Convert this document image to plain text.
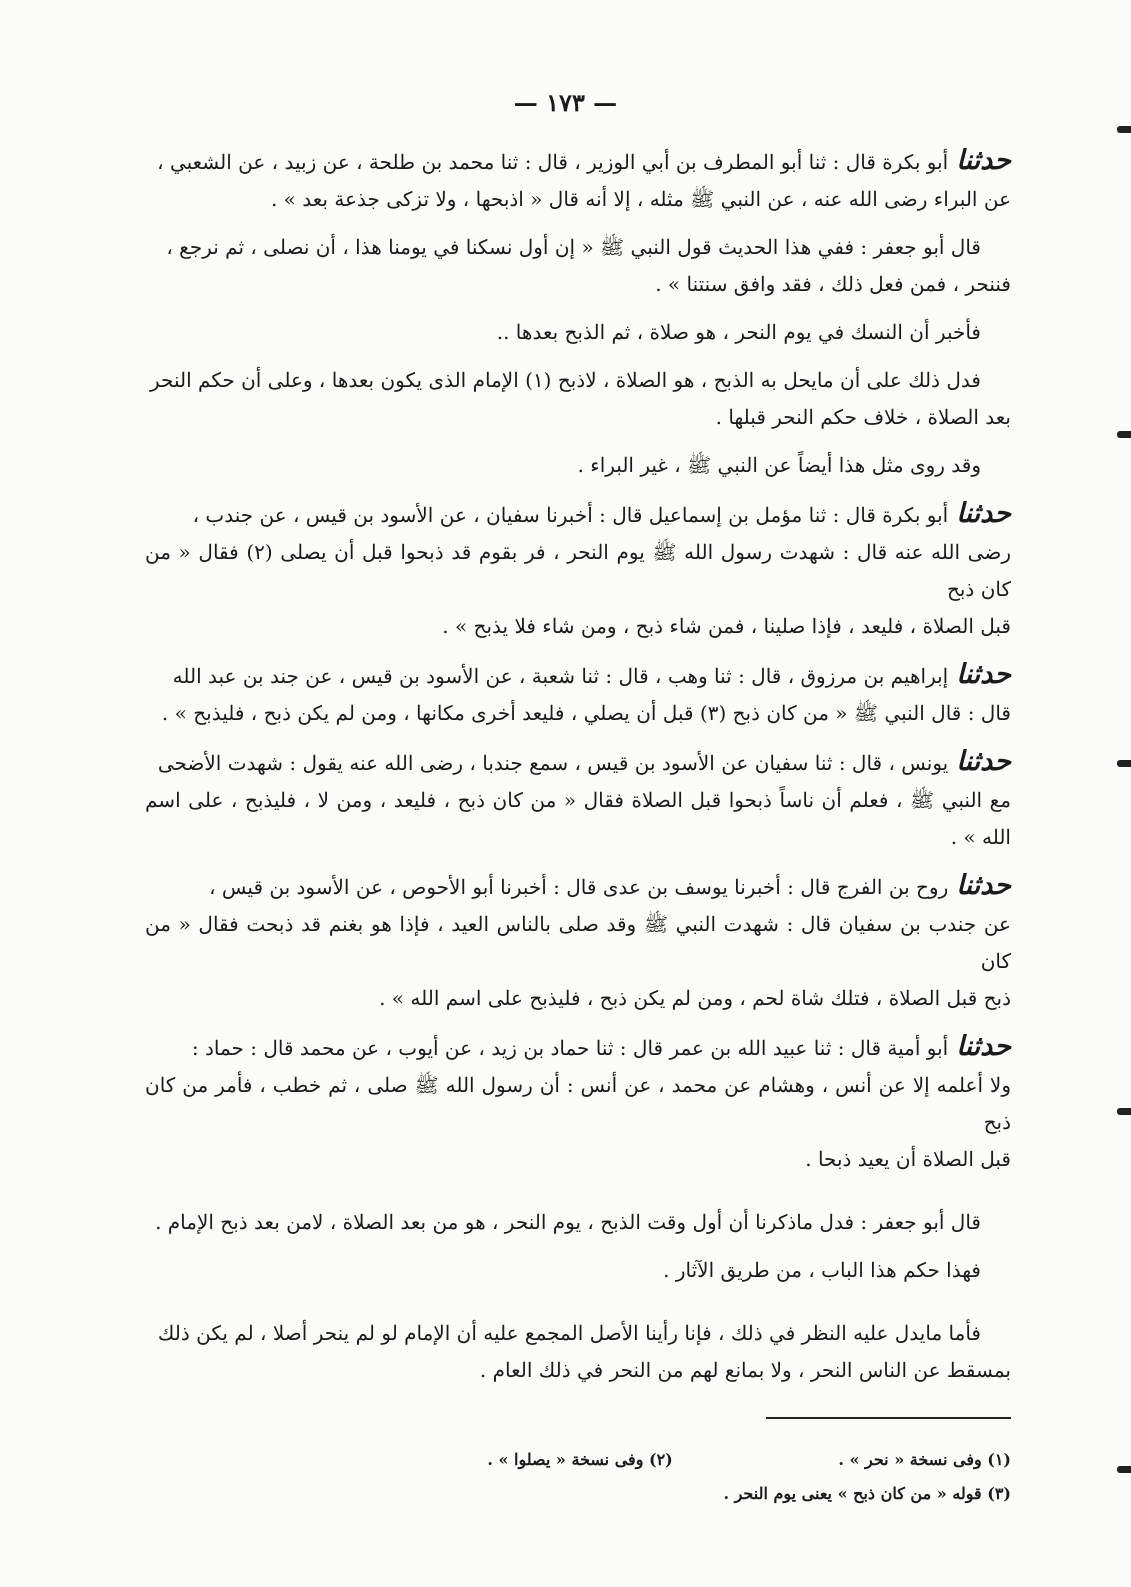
— ١٧٣ —
حدثناأبو بكرة قال : ثنا أبو المطرف بن أبي الوزير ، قال : ثنا محمد بن طلحة ، عن زبيد ، عن الشعبي ،
عن البراء رضى الله عنه ، عن النبي ﷺ مثله ، إلا أنه قال « اذبحها ، ولا تزكى جذعة بعد » .
قال أبو جعفر : ففي هذا الحديث قول النبي ﷺ « إن أول نسكنا في يومنا هذا ، أن نصلى ، ثم نرجع ،
فننحر ، فمن فعل ذلك ، فقد وافق سنتنا » .
فأخبر أن النسك في يوم النحر ، هو صلاة ، ثم الذبح بعدها ..
فدل ذلك على أن مايحل به الذبح ، هو الصلاة ، لاذبح (١) الإمام الذى يكون بعدها ، وعلى أن حكم النحر
بعد الصلاة ، خلاف حكم النحر قبلها .
وقد روى مثل هذا أيضاً عن النبي ﷺ ، غير البراء .
حدثناأبو بكرة قال : ثنا مؤمل بن إسماعيل قال : أخبرنا سفيان ، عن الأسود بن قيس ، عن جندب ،
رضى الله عنه قال : شهدت رسول الله ﷺ يوم النحر ، فر بقوم قد ذبحوا قبل أن يصلى (٢) فقال « من كان ذبح
قبل الصلاة ، فليعد ، فإذا صلينا ، فمن شاء ذبح ، ومن شاء فلا يذبح » .
حدثناإبراهيم بن مرزوق ، قال : ثنا وهب ، قال : ثنا شعبة ، عن الأسود بن قيس ، عن جند بن عبد الله
قال : قال النبي ﷺ « من كان ذبح (٣) قبل أن يصلي ، فليعد أخرى مكانها ، ومن لم يكن ذبح ، فليذبح » .
حدثنايونس ، قال : ثنا سفيان عن الأسود بن قيس ، سمع جندبا ، رضى الله عنه يقول : شهدت الأضحى
مع النبي ﷺ ، فعلم أن ناساً ذبحوا قبل الصلاة فقال « من كان ذبح ، فليعد ، ومن لا ، فليذبح ، على اسم الله » .
حدثناروح بن الفرج قال : أخبرنا يوسف بن عدى قال : أخبرنا أبو الأحوص ، عن الأسود بن قيس ،
عن جندب بن سفيان قال : شهدت النبي ﷺ وقد صلى بالناس العيد ، فإذا هو بغنم قد ذبحت فقال « من كان
ذبح قبل الصلاة ، فتلك شاة لحم ، ومن لم يكن ذبح ، فليذبح على اسم الله » .
حدثناأبو أمية قال : ثنا عبيد الله بن عمر قال : ثنا حماد بن زيد ، عن أيوب ، عن محمد قال : حماد :
ولا أعلمه إلا عن أنس ، وهشام عن محمد ، عن أنس : أن رسول الله ﷺ صلى ، ثم خطب ، فأمر من كان ذبح
قبل الصلاة أن يعيد ذبحا .
قال أبو جعفر : فدل ماذكرنا أن أول وقت الذبح ، يوم النحر ، هو من بعد الصلاة ، لامن بعد ذبح الإمام .
فهذا حكم هذا الباب ، من طريق الآثار .
فأما مايدل عليه النظر في ذلك ، فإنا رأينا الأصل المجمع عليه أن الإمام لو لم ينحر أصلا ، لم يكن ذلك
بمسقط عن الناس النحر ، ولا بمانع لهم من النحر في ذلك العام .
(١) وفى نسخة « نحر » . (٢) وفى نسخة « يصلوا » .
(٣) قوله « من كان ذبح » يعنى يوم النحر .
